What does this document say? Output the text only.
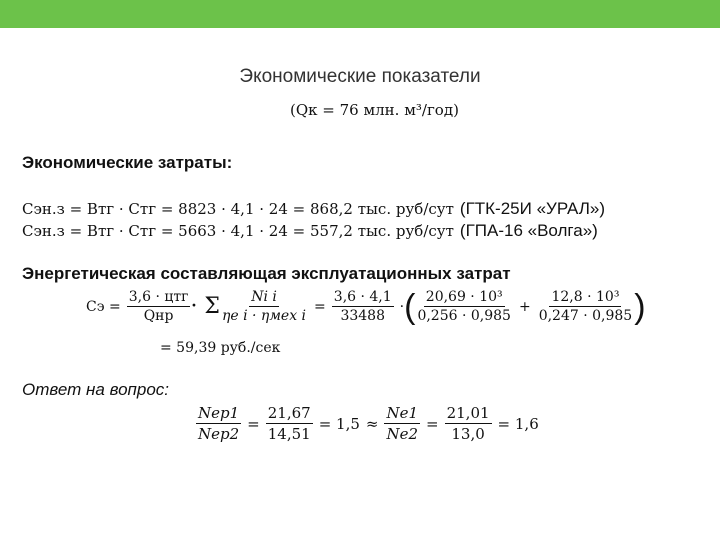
Экономические показатели
(Qк = 76 млн. м³/год)
Экономические затраты:
Сэн.з = Bтг · Cтг = 8823 · 4,1 · 24 = 868,2 тыс. руб/сут (ГТК-25И «УРАЛ»)
Сэн.з = Bтг · Cтг = 5663 · 4,1 · 24 = 557,2 тыс. руб/сут (ГПА-16 «Волга»)
Энергетическая составляющая эксплуатационных затрат
Сэ = $\frac{\text{3,6 · цтг}}{\text{Qнр}} \cdot \Sigma \frac{\text{Ni i}}{\text{ηe i · ηмех i}} = \frac{3,6 \cdot 4,1}{33488}$ · ( $\frac{\text{20,69 · 10³}}{0,256 \cdot 0,985} + \frac{\text{12,8 · 10³}}{0,247 \cdot 0,985}$ )
= 59,39 руб./сек
Ответ на вопрос:
$\frac{\text{Nep1}}{\text{Nep2}} = \frac{21,67}{14,51} = 1,5 \approx \frac{Ne1}{Ne2} = \frac{21,01}{13,0} = 1,6$
